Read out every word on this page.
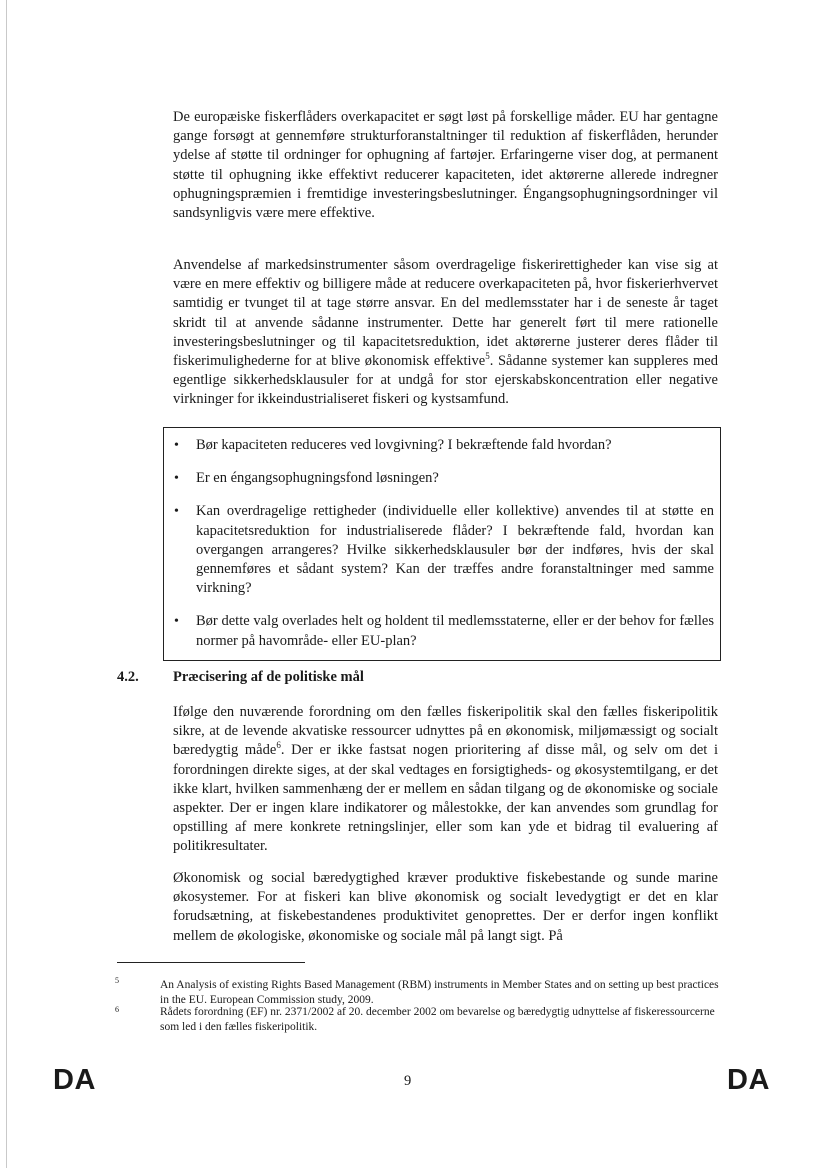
De europæiske fiskerflåders overkapacitet er søgt løst på forskellige måder. EU har gentagne gange forsøgt at gennemføre strukturforanstaltninger til reduktion af fiskerflåden, herunder ydelse af støtte til ordninger for ophugning af fartøjer. Erfaringerne viser dog, at permanent støtte til ophugning ikke effektivt reducerer kapaciteten, idet aktørerne allerede indregner ophugningspræmien i fremtidige investeringsbeslutninger. Éngangsophugningsordninger vil sandsynligvis være mere effektive.

Anvendelse af markedsinstrumenter såsom overdragelige fiskerirettigheder kan vise sig at være en mere effektiv og billigere måde at reducere overkapaciteten på, hvor fiskerierhvervet samtidig er tvunget til at tage større ansvar. En del medlemsstater har i de seneste år taget skridt til at anvende sådanne instrumenter. Dette har generelt ført til mere rationelle investeringsbeslutninger og til kapacitetsreduktion, idet aktørerne justerer deres flåder til fiskerimulighederne for at blive økonomisk effektive$^5$. Sådanne systemer kan suppleres med egentlige sikkerhedsklausuler for at undgå for stor ejerskabskoncentration eller negative virkninger for ikkeindustrialiseret fiskeri og kystsamfund.

• Bør kapaciteten reduceres ved lovgivning? I bekræftende fald hvordan?
• Er en éngangsophugningsfond løsningen?
• Kan overdragelige rettigheder (individuelle eller kollektive) anvendes til at støtte en kapacitetsreduktion for industrialiserede flåder? I bekræftende fald, hvordan kan overgangen arrangeres? Hvilke sikkerhedsklausuler bør der indføres, hvis der skal gennemføres et sådant system? Kan der træffes andre foranstaltninger med samme virkning?
• Bør dette valg overlades helt og holdent til medlemsstaterne, eller er der behov for fælles normer på havområde- eller EU-plan?
4.2. Præcisering af de politiske mål

Ifølge den nuværende forordning om den fælles fiskeripolitik skal den fælles fiskeripolitik sikre, at de levende akvatiske ressourcer udnyttes på en økonomisk, miljømæssigt og socialt bæredygtig måde$^6$. Der er ikke fastsat nogen prioritering af disse mål, og selv om det i forordningen direkte siges, at der skal vedtages en forsigtigheds- og økosystemtilgang, er det ikke klart, hvilken sammenhæng der er mellem en sådan tilgang og de økonomiske og sociale aspekter. Der er ingen klare indikatorer og målestokke, der kan anvendes som grundlag for opstilling af mere konkrete retningslinjer, eller som kan yde et bidrag til evaluering af politikresultater.

Økonomisk og social bæredygtighed kræver produktive fiskebestande og sunde marine økosystemer. For at fiskeri kan blive økonomisk og socialt levedygtigt er det en klar forudsætning, at fiskebestandenes produktivitet genoprettes. Der er derfor ingen konflikt mellem de økologiske, økonomiske og sociale mål på langt sigt. På

5	An Analysis of existing Rights Based Management (RBM) instruments in Member States and on setting up best practices in the EU. European Commission study, 2009.

6	Rådets forordning (EF) nr. 2371/2002 af 20. december 2002 om bevarelse og bæredygtig udnyttelse af fiskeressourcerne som led i den fælles fiskeripolitik.

DA	9	DA
